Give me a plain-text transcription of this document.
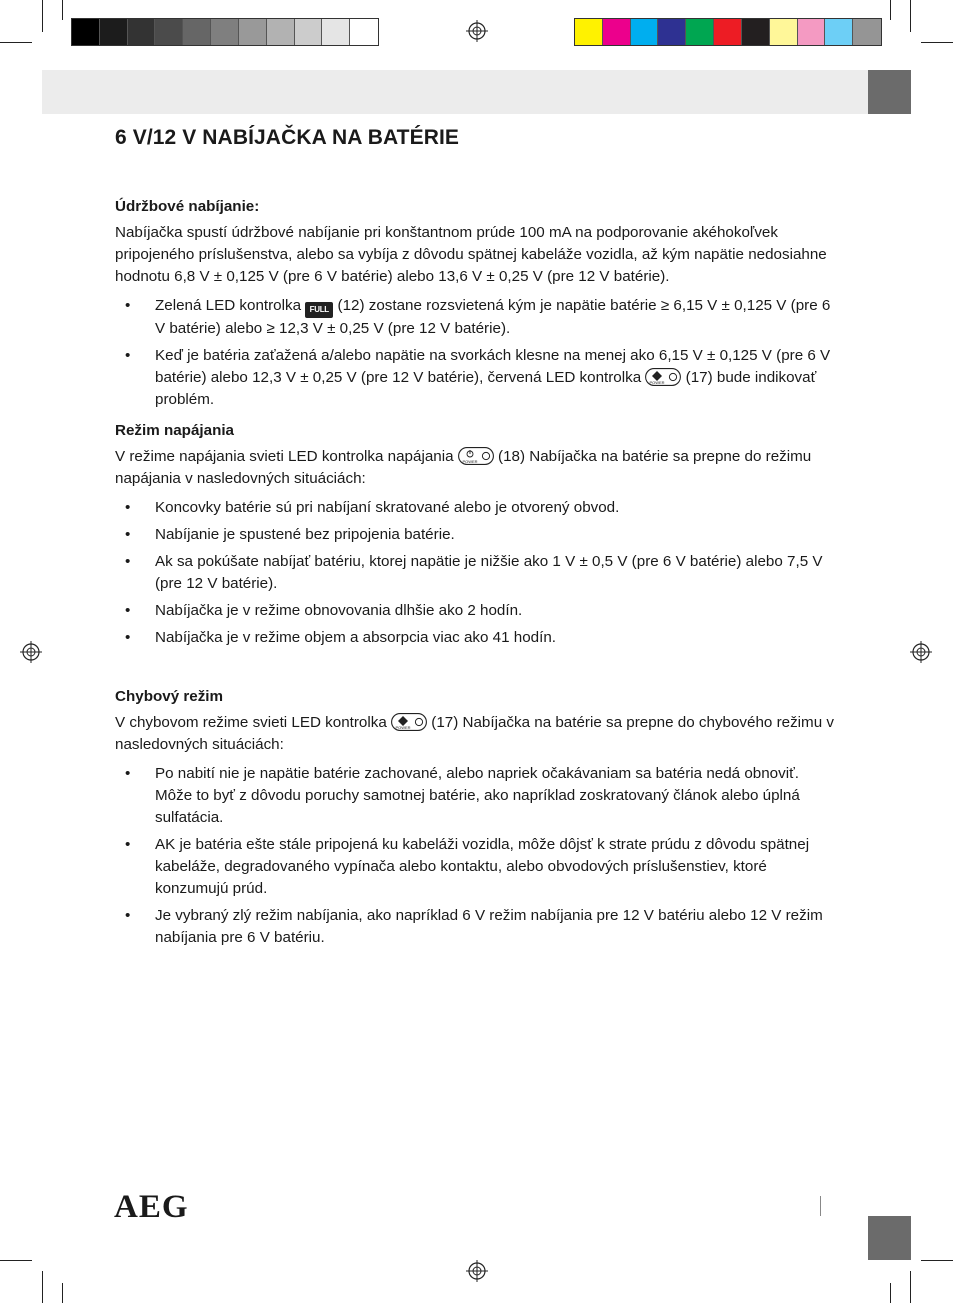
6 V/12 V NABÍJAČKA NA BATÉRIE
Údržbové nabíjanie:

Nabíjačka spustí údržbové nabíjanie pri konštantnom prúde 100 mA na podporovanie akéhokoľvek pripojeného príslušenstva, alebo sa vybíja z dôvodu spätnej kabeláže vozidla, až kým napätie nedosiahne hodnotu 6,8 V ± 0,125 V (pre 6 V batérie) alebo 13,6 V ± 0,25 V (pre 12 V batérie).

• Zelená LED kontrolka FULL (12) zostane rozsvietená kým je napätie batérie ≥ 6,15 V ± 0,125 V (pre 6 V batérie) alebo ≥ 12,3 V ± 0,25 V (pre 12 V batérie).
• Keď je batéria zaťažená a/alebo napätie na svorkách klesne na menej ako 6,15 V ± 0,125 V (pre 6 V batérie) alebo 12,3 V ± 0,25 V (pre 12 V batérie), červená LED kontrolka POWER (17) bude indikovať problém.
Režim napájania

V režime napájania svieti LED kontrolka napájania POWER (18) Nabíjačka na batérie sa prepne do režimu napájania v nasledovných situáciách:

• Koncovky batérie sú pri nabíjaní skratované alebo je otvorený obvod.
• Nabíjanie je spustené bez pripojenia batérie.
• Ak sa pokúšate nabíjať batériu, ktorej napätie je nižšie ako 1 V ± 0,5 V (pre 6 V batérie) alebo 7,5 V (pre 12 V batérie).
• Nabíjačka je v režime obnovovania dlhšie ako 2 hodín.
• Nabíjačka je v režime objem a absorpcia viac ako 41 hodín.
Chybový režim

V chybovom režime svieti LED kontrolka POWER (17) Nabíjačka na batérie sa prepne do chybového režimu v nasledovných situáciách:

• Po nabití nie je napätie batérie zachované, alebo napriek očakávaniam sa batéria nedá obnoviť. Môže to byť z dôvodu poruchy samotnej batérie, ako napríklad zoskratovaný článok alebo úplná sulfatácia.
• AK je batéria ešte stále pripojená ku kabeláži vozidla, môže dôjsť k strate prúdu z dôvodu spätnej kabeláže, degradovaného vypínača alebo kontaktu, alebo obvodových príslušenstiev, ktoré konzumujú prúd.
• Je vybraný zlý režim nabíjania, ako napríklad 6 V režim nabíjania pre 12 V batériu alebo 12 V režim nabíjania pre 6 V batériu.
AEG
